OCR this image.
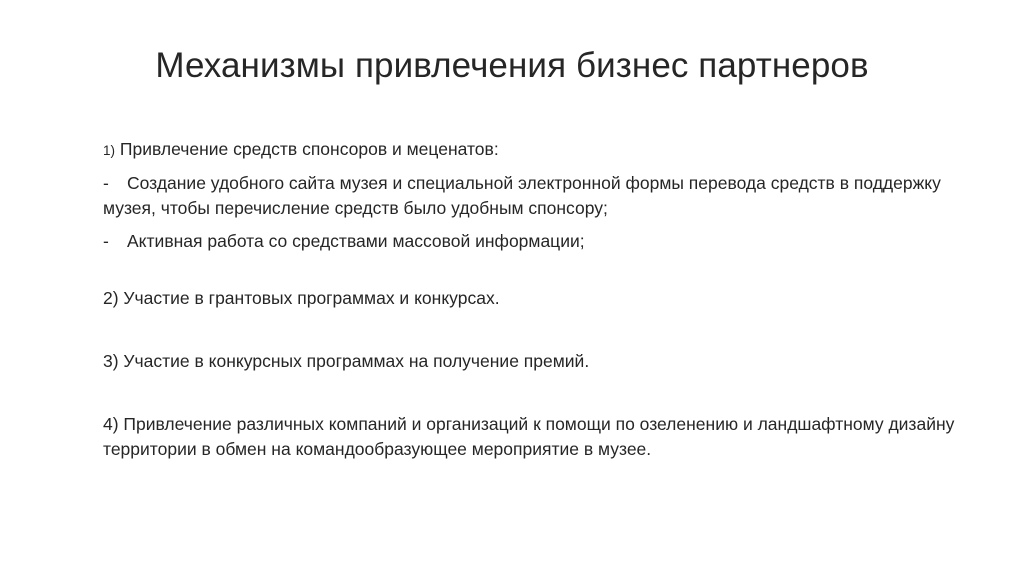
Механизмы привлечения бизнес партнеров

1) Привлечение средств спонсоров и меценатов:

- Создание удобного сайта музея и специальной электронной формы перевода средств в поддержку музея, чтобы перечисление средств было удобным спонсору;

- Активная работа со средствами массовой информации;

2) Участие в грантовых программах и конкурсах.

3) Участие в конкурсных программах на получение премий.

4) Привлечение различных компаний и организаций к помощи по озеленению и ландшафтному дизайну территории в обмен на командообразующее мероприятие в музее.
